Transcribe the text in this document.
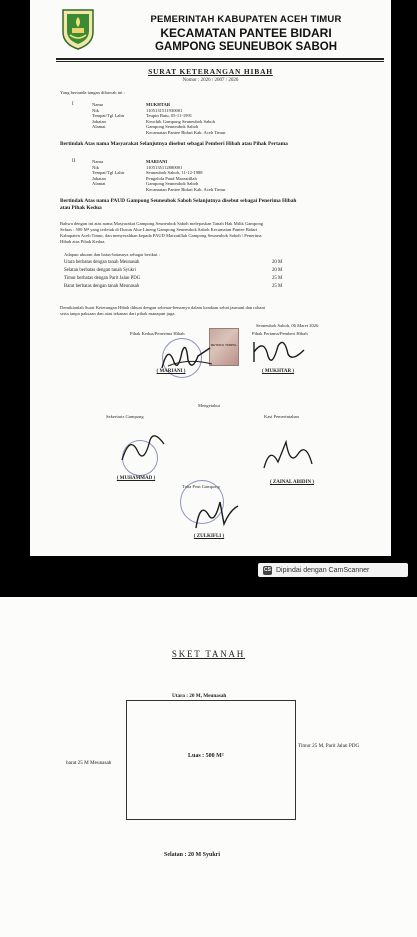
PEMERINTAH KABUPATEN ACEH TIMUR
KECAMATAN PANTEE BIDARI
GAMPONG SEUNEUBOK SABOH
SURAT KETERANGAN HIBAH
Nomor : 2026 / 2007 / 2026
Yang bertanda tangan dibawah ini :
I	Nama	MUKHTAR
Nik	1105131511930001
Tempat/Tgl Lahir	Teupin Batu, 05-11-1991
Jabatan	Keuchik Gampong Seuneubok Saboh
Alamat	Gampong Seuneubok Saboh
Kecamatan Pantee Bidari Kab. Aceh Timur
Bertindak Atas nama Masyarakat Selanjutnya disebut sebagai Pemberi Hibah atau Pihak Pertama
II	Nama	MARIANI
Nik	1105135112880001
Tempat/Tgl Lahir	Seuneubok Saboh, 11-12-1988
Jabatan	Pengelola Paud Marzatillah
Alamat	Gampong Seuneubok Saboh
Kecamatan Pantee Bidari Kab. Aceh Timur
Bertindak Atas nama PAUD Gampong Seuneubok Saboh Selanjutnya disebut sebagai Penerima Hibah
atau Pihak Kedua
Bahwa dengan ini atas nama Masyarakat Gampong Seuneubok Saboh melepaskan Tanah Hak Milik Gampong
Seluas : 500 M² yang terletak di Dusun Alue Lineng Gampong Seuneubok Saboh Kecamatan Pantee Bidari
Kabupaten Aceh Timur, dan menyerahkan kepada PAUD Marzatillah Gampong Seuneubok Saboh / Penerima
Hibah atas Pihak Kedua.
Adapun ukuran dan batas-batasnya sebagai berikut :
Utara berbatas dengan tanah Meunasah	20 M
Selatan berbatas dengan tanah Syukri	20 M
Timur berbatas dengan Parit Jalan PDG	25 M
Barat berbatas dengan tanah Meunasah	25 M
Demikianlah Surat Keterangan Hibah dibuat dengan sebenar-benarnya dalam keadaan sehat jasmani dan rohani
serta tanpa paksaan dan atau tekanan dari pihak manapun juga.
Seuneubok Saboh, 06 Maret 2026
Pihak Kedua/Penerima Hibah	Pihak Pertama/Pemberi Hibah
METERAI TEMPEL
( MARIANI )	( MUKHTAR )
Mengetahui
Sekertaris Gampong	Kasi Pemerintahan
( MUHAMMAD )
( ZAINAL ABIDIN )
Tuha Peut Gampong
( ZULKIFLI )
CS Dipindai dengan CamScanner
SKET TANAH
Utara : 20 M, Meunasah
Timur 25 M, Parit Jalan PDG
barat 25 M Meunasah
Luas : 500 M²
Selatan : 20 M Syukri
